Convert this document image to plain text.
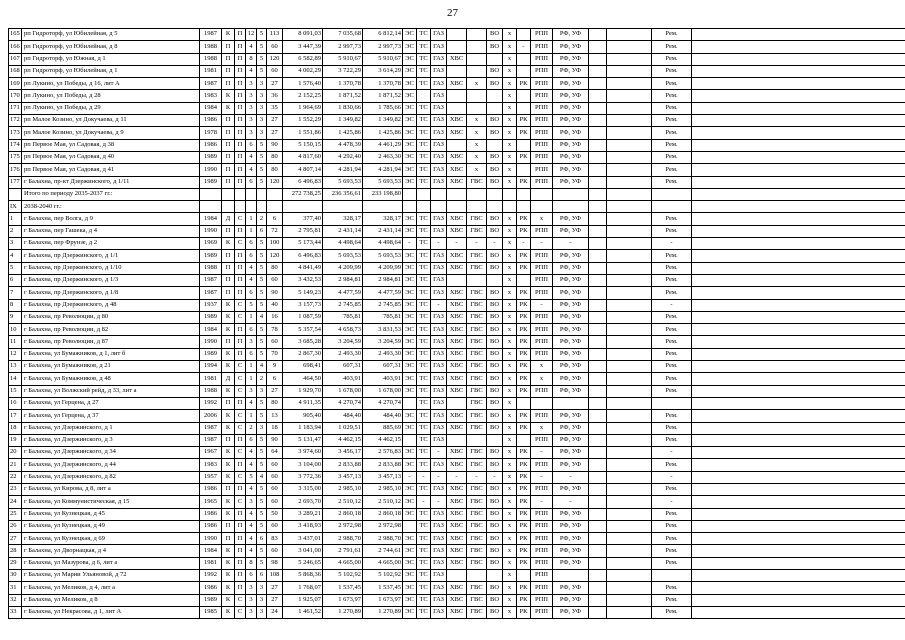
27
165	рп Гидроторф, ул Юбилейная, д 5	1987	К	П	12	5	113	8 091,03	7 035,68	6 812,14	ЭС	ТС	ГАЗ			ВО	х		РПП	РФ, УФ			Рем.	
166	рп Гидроторф, ул Юбилейная, д 8	1988	П	П	4	5	60	3 447,39	2 997,73	2 997,73	ЭС	ТС	ГАЗ			ВО	х	-	РПП	РФ, УФ			Рем.	
167	рп Гидроторф, ул Южная, д 1	1988	П	П	8	5	120	6 582,89	5 910,67	5 910,67	ЭС	ТС	ГАЗ	ХВС			х		РПП	РФ, УФ			Рем.	
168	рп Гидроторф, ул Юбилейная, д 1	1981	П	П	4	5	60	4 002,29	3 722,29	3 614,29	ЭС	ТС	ГАЗ			ВО	х		РПП	РФ, УФ			Рем.	
169	рп Лукино, ул Победы, д 16, лит А	1987	П	П	3	3	27	1 576,40	1 370,78	1 370,78	ЭС	ТС	ГАЗ	ХВС	х	ВО	х	РК	РПП	РФ, УФ			Рем.	
170	рп Лукино, ул Победы, д 28	1983	К	П	3	3	36	2 152,25	1 871,52	1 871,52	ЭС		ГАЗ				х		РПП	РФ, УФ			Рем.	
171	рп Лукино, ул Победы, д 29	1984	К	П	3	3	35	1 964,69	1 830,66	1 785,66	ЭС	ТС	ГАЗ				х		РПП	РФ, УФ			Рем.	
172	рп Малое Козино, ул Докучаева, д 11	1986	П	П	3	3	27	1 552,29	1 349,82	1 349,82	ЭС	ТС	ГАЗ	ХВС	х	ВО	х	РК	РПП	РФ, УФ			Рем.	
173	рп Малое Козино, ул Докучаева, д 9	1978	П	П	3	3	27	1 551,86	1 425,86	1 425,86	ЭС	ТС	ГАЗ	ХВС	х	ВО	х	РК	РПП	РФ, УФ			Рем.	
174	рп Первое Мая, ул Садовая, д 38	1986	П	П	6	5	90	5 150,15	4 478,39	4 461,29	ЭС	ТС	ГАЗ		х		х		РПП	РФ, УФ			Рем.	
175	рп Первое Мая, ул Садовая, д 40	1989	П	П	4	5	80	4 817,60	4 292,40	2 463,30	ЭС	ТС	ГАЗ	ХВС	х	ВО	х	РК	РПП	РФ, УФ			Рем.	
176	рп Первое Мая, ул Садовая, д 41	1990	П	П	4	5	80	4 807,14	4 281,94	4 281,94	ЭС	ТС	ГАЗ	ХВС	х	ВО	х		РПП	РФ, УФ			Рем.	
177	г Балахна, пр-кт Дзержинского, д 1/11	1989	П	П	6	5	120	6 496,83	5 693,53	5 693,53	ЭС	ТС	ГАЗ	ХВС	ГВС	ВО	х	РК	РПП	РФ, УФ			Рем.	
	Итого по периоду 2035-2037 гг.:							272 738,25	236 356,61	233 198,80														
IX	2038-2040 гг.:																							
1	г Балахна, пер Волга, д 9	1984	Д	С	1	2	6	377,40	328,17	328,17	ЭС	ТС	ГАЗ	ХВС	ГВС	ВО	х	РК	х	РФ, УФ			Рем.	
2	г Балахна, пер Гашека, д 4	1990	П	П	1	6	72	2 795,81	2 431,14	2 431,14	ЭС	ТС	ГАЗ	ХВС	ГВС	ВО	х	РК	РПП	РФ, УФ			Рем.	
3	г Балахна, пер Фрунзе, д 2	1969	К	С	6	5	100	5 173,44	4 498,64	4 498,64	-	ТС	-	-	-	-	х	-	-	-			-	
4	г Балахна, пр Дзержинского, д 1/1	1989	П	П	6	5	120	6 496,83	5 693,53	5 693,53	ЭС	ТС	ГАЗ	ХВС	ГВС	ВО	х	РК	РПП	РФ, УФ			Рем.	
5	г Балахна, пр Дзержинского, д 1/10	1988	П	П	4	5	80	4 841,49	4 209,99	4 209,99	ЭС	ТС	ГАЗ	ХВС	ГВС	ВО	х	РК	РПП	РФ, УФ			Рем.	
6	г Балахна, пр Дзержинского, д 1/3	1987	П	П	4	5	60	3 432,53	2 984,81	2 984,81	ЭС	ТС	ГАЗ				х		РПП	РФ, УФ			Рем.	
7	г Балахна, пр Дзержинского, д 1/8	1987	П	П	6	5	90	5 149,23	4 477,59	4 477,59	ЭС	ТС	ГАЗ	ХВС	ГВС	ВО	х	РК	РПП	РФ, УФ			Рем.	
8	г Балахна, пр Дзержинского, д 48	1937	К	С	5	5	40	3 157,73	2 745,85	2 745,85	ЭС	ТС	-	ХВС	ГВС	ВО	х	РК	-	РФ, УФ			-	
9	г Балахна, пр Революции, д 80	1989	К	С	1	4	16	1 087,59	785,81	785,81	ЭС	ТС	ГАЗ	ХВС	ГВС	ВО	х	РК	РПП	РФ, УФ			Рем.	
10	г Балахна, пр Революции, д 82	1984	К	П	6	5	78	5 357,54	4 658,73	3 831,53	ЭС	ТС	ГАЗ	ХВС	ГВС	ВО	х	РК	РПП	РФ, УФ			Рем.	
11	г Балахна, пр Революции, д 87	1990	П	П	3	5	60	3 685,28	3 204,59	3 204,59	ЭС	ТС	ГАЗ	ХВС	ГВС	ВО	х	РК	РПП	РФ, УФ			Рем.	
12	г Балахна, ул Бумажников, д 1, лит б	1989	К	П	6	5	70	2 867,30	2 493,30	2 493,30	ЭС	ТС	ГАЗ	ХВС	ГВС	ВО	х	РК	РПП	РФ, УФ			Рем.	
13	г Балахна, ул Бумажников, д 21	1994	К	С	1	4	9	698,41	607,31	607,31	ЭС	ТС	ГАЗ	ХВС	ГВС	ВО	х	РК	х	РФ, УФ			Рем.	
14	г Балахна, ул Бумажников, д 48	1981	Д	С	1	2	6	464,50	403,91	403,91	ЭС	ТС	ГАЗ	ХВС	ГВС	ВО	х	РК	х	РФ, УФ			Рем.	
15	г Балахна, ул Волжский рейд, д 33, лит а	1988	К	С	3	3	27	1 929,70	1 678,00	1 678,00	ЭС	ТС	ГАЗ	ХВС	ГВС	ВО	х	РК	РПП	РФ, УФ			Рем.	
16	г Балахна, ул Герцена, д 27	1992	П	П	4	5	80	4 911,35	4 270,74	4 270,74		ТС	ГАЗ		ГВС	ВО	х							
17	г Балахна, ул Герцена, д 37	2006	К	С	1	5	13	905,40	484,40	484,40	ЭС	ТС	ГАЗ	ХВС	ГВС	ВО	х	РК	РПП	РФ, УФ			Рем.	
18	г Балахна, ул Дзержинского, д 1	1987	К	С	2	3	18	1 183,94	1 029,51	885,69	ЭС	ТС	ГАЗ	ХВС	ГВС	ВО	х	РК	х	РФ, УФ			Рем.	
19	г Балахна, ул Дзержинского, д 3	1987	П	П	6	5	90	5 131,47	4 462,15	4 462,15		ТС	ГАЗ				х		РПП	РФ, УФ			Рем.	
20	г Балахна, ул Дзержинского, д 34	1967	К	С	4	5	64	3 974,60	3 456,17	2 576,83	ЭС	ТС	-	ХВС	ГВС	ВО	х	РК	-	РФ, УФ			-	
21	г Балахна, ул Дзержинского, д 44	1983	К	П	4	5	60	3 104,00	2 833,88	2 833,88	ЭС	ТС	ГАЗ	ХВС	ГВС	ВО	х	РК	РПП	РФ, УФ			Рем.	
22	г Балахна, ул Дзержинского, д 82	1957	К	С	5	4	60	3 772,36	3 457,13	3 457,13	-	-	-	-	-	-	х	РК	-	-			-	
23	г Балахна, ул Кирова, д 8, лит а	1986	П	П	4	5	60	3 315,00	2 985,10	2 985,10	ЭС	ТС	ГАЗ	ХВС	ГВС	ВО	х	РК	РПП	РФ, УФ			Рем.	
24	г Балахна, ул Коммунистическая, д 15	1965	К	С	3	5	60	2 693,70	2 510,12	2 510,12	ЭС	-	-	ХВС	ГВС	ВО	х	РК	-	-			-	
25	г Балахна, ул Кузнецкая, д 45	1986	К	П	4	5	50	3 289,21	2 860,18	2 860,18	ЭС	ТС	ГАЗ	ХВС	ГВС	ВО	х	РК	РПП	РФ, УФ			Рем.	
26	г Балахна, ул Кузнецкая, д 49	1986	П	П	4	5	60	3 418,93	2 972,98	2 972,98		ТС	ГАЗ	ХВС	ГВС	ВО	х	РК	РПП	РФ, УФ			Рем.	
27	г Балахна, ул Кузнецкая, д 69	1990	П	П	4	6	83	3 437,01	2 988,70	2 988,70	ЭС	ТС	ГАЗ	ХВС	ГВС	ВО	х	РК	РПП	РФ, УФ			Рем.	
28	г Балахна, ул Дворнацкая, д 4	1984	К	П	4	5	60	3 041,00	2 791,61	2 744,61	ЭС	ТС	ГАЗ	ХВС	ГВС	ВО	х	РК	РПП	РФ, УФ			Рем.	
29	г Балахна, ул Мазурова, д 6, лит а	1981	К	П	8	5	98	5 246,65	4 665,00	4 665,00	ЭС	ТС	ГАЗ	ХВС	ГВС	ВО	х	РК	РПП	РФ, УФ			Рем.	
30	г Балахна, ул Марии Ульяновой, д 72	1992	К	П	6	6	108	5 868,36	5 102,92	5 102,92	ЭС	ТС	ГАЗ				х		РПП					
31	г Балахна, ул Меликов, д 4, лит а	1986	К	П	3	3	27	1 768,07	1 537,45	1 537,45	ЭС	ТС	ГАЗ	ХВС	ГВС	ВО	х	РК	РПП	РФ, УФ			Рем.	
32	г Балахна, ул Меликов, д 8	1989	К	С	3	3	27	1 925,07	1 673,97	1 673,97	ЭС	ТС	ГАЗ	ХВС	ГВС	ВО	х	РК	РПП	РФ, УФ			Рем.	
33	г Балахна, ул Некрасова, д 1, лит А	1985	К	С	3	3	24	1 461,52	1 270,89	1 270,89	ЭС	ТС	ГАЗ	ХВС	ГВС	ВО	х	РК	РПП	РФ, УФ			Рем.	
